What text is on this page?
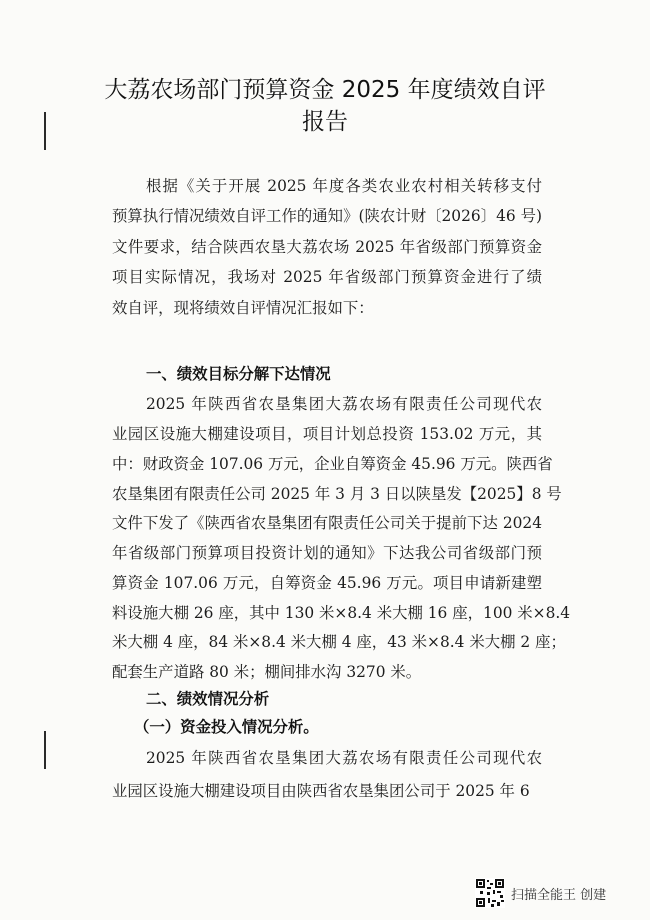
大荔农场部门预算资金 2025 年度绩效自评
报告
根据《关于开展 2025 年度各类农业农村相关转移支付
预算执行情况绩效自评工作的通知》(陕农计财〔2026〕46 号)
文件要求，结合陕西农垦大荔农场 2025 年省级部门预算资金
项目实际情况，我场对 2025 年省级部门预算资金进行了绩
效自评，现将绩效自评情况汇报如下：
一、绩效目标分解下达情况
2025 年陕西省农垦集团大荔农场有限责任公司现代农
业园区设施大棚建设项目，项目计划总投资 153.02 万元，其
中：财政资金 107.06 万元，企业自筹资金 45.96 万元。陕西省
农垦集团有限责任公司 2025 年 3 月 3 日以陕垦发【2025】8 号
文件下发了《陕西省农垦集团有限责任公司关于提前下达 2024
年省级部门预算项目投资计划的通知》下达我公司省级部门预
算资金 107.06 万元，自筹资金 45.96 万元。项目申请新建塑
料设施大棚 26 座，其中 130 米×8.4 米大棚 16 座，100 米×8.4
米大棚 4 座，84 米×8.4 米大棚 4 座，43 米×8.4 米大棚 2 座；
配套生产道路 80 米；棚间排水沟 3270 米。
二、绩效情况分析
（一）资金投入情况分析。
2025 年陕西省农垦集团大荔农场有限责任公司现代农
业园区设施大棚建设项目由陕西省农垦集团公司于 2025 年 6
扫描全能王 创建
